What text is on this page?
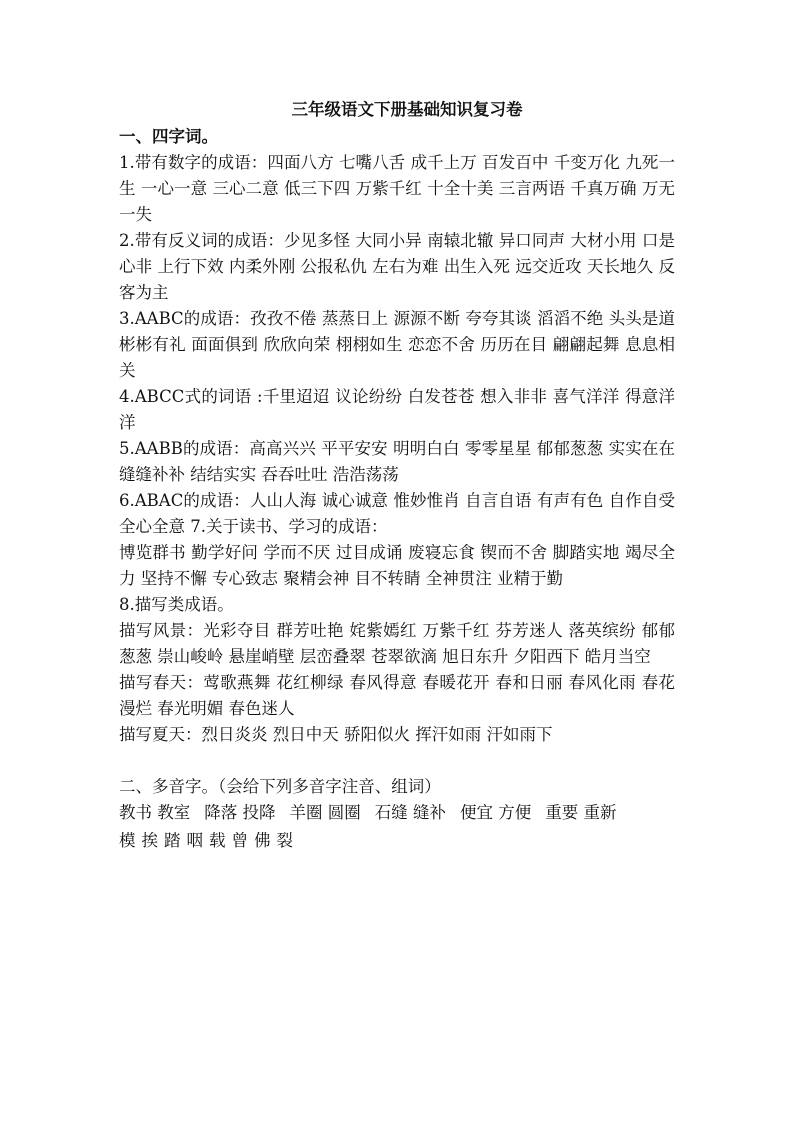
三年级语文下册基础知识复习卷

一、四字词。

1.带有数字的成语：四面八方 七嘴八舌 成千上万 百发百中 千变万化 九死一生 一心一意 三心二意 低三下四 万紫千红 十全十美 三言两语 千真万确 万无一失

2.带有反义词的成语：少见多怪 大同小异 南辕北辙 异口同声 大材小用 口是心非 上行下效 内柔外刚 公报私仇 左右为难 出生入死 远交近攻 天长地久 反客为主

3.AABC的成语：孜孜不倦 蒸蒸日上 源源不断 夸夸其谈 滔滔不绝 头头是道 彬彬有礼 面面俱到 欣欣向荣 栩栩如生 恋恋不舍 历历在目 翩翩起舞 息息相关

4.ABCC式的词语 :千里迢迢 议论纷纷 白发苍苍 想入非非 喜气洋洋 得意洋洋

5.AABB的成语：高高兴兴 平平安安 明明白白 零零星星 郁郁葱葱 实实在在 缝缝补补 结结实实 吞吞吐吐 浩浩荡荡

6.ABAC的成语：人山人海 诚心诚意 惟妙惟肖 自言自语 有声有色 自作自受 全心全意 7.关于读书、学习的成语：

博览群书 勤学好问 学而不厌 过目成诵 废寝忘食 锲而不舍 脚踏实地 竭尽全力 坚持不懈 专心致志 聚精会神 目不转睛 全神贯注 业精于勤

8.描写类成语。

描写风景：光彩夺目 群芳吐艳 姹紫嫣红 万紫千红 芬芳迷人 落英缤纷 郁郁葱葱 崇山峻岭 悬崖峭壁 层峦叠翠 苍翠欲滴 旭日东升 夕阳西下 皓月当空

描写春天：莺歌燕舞 花红柳绿 春风得意 春暖花开 春和日丽 春风化雨 春花漫烂 春光明媚 春色迷人

描写夏天：烈日炎炎 烈日中天 骄阳似火 挥汗如雨 汗如雨下

二、多音字。（会给下列多音字注音、组词）

教书 教室 降落 投降 羊圈 圆圈 石缝 缝补 便宜 方便 重要 重新

模 挨 踏 咽 载 曾 佛 裂
